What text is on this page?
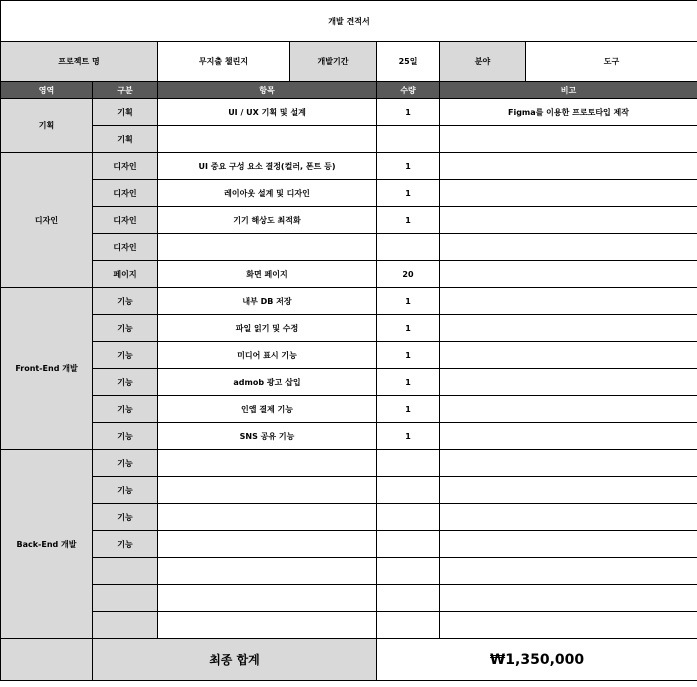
개발 견적서						
프로젝트 명		무지출 챌린지	개발기간	25일	분야	도구
영역	구분	항목		수량	비고	
기획	기획	UI / UX 기획 및 설계		1	Figma를 이용한 프로토타입 제작	
	기획					
디자인	디자인	UI 중요 구성 요소 결정(컬러, 폰트 등)		1		
	디자인	레이아웃 설계 및 디자인		1		
	디자인	기기 해상도 최적화		1		
	디자인					
	페이지	화면 페이지		20		
Front-End 개발	기능	내부 DB 저장		1		
	기능	파일 읽기 및 수정		1		
	기능	미디어 표시 기능		1		
	기능	admob 광고 삽입		1		
	기능	인앱 결제 기능		1		
	기능	SNS 공유 기능		1		
Back-End 개발	기능					
	기능					
	기능					
	기능					

	최종 합계			₩1,350,000		
